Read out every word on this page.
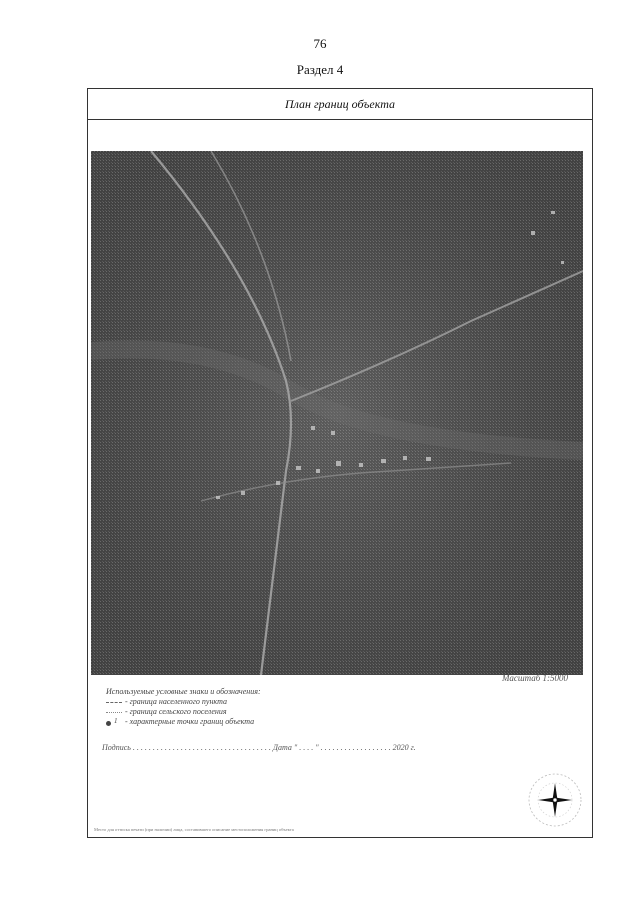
76
Раздел 4
План границ объекта
Масштаб 1:5000
Используемые условные знаки и обозначения:
- граница населенного пункта
- граница сельского поселения
1 - характерные точки границ объекта
Подпись . . . . . . . . . . . . . . . . . . . . . . . . . . . . . . . . . . . Дата " . . . . " . . . . . . . . . . . . . . . . . . 2020 г.
Место для оттиска печати (при наличии) лица, составившего описание местоположения границ объекта
